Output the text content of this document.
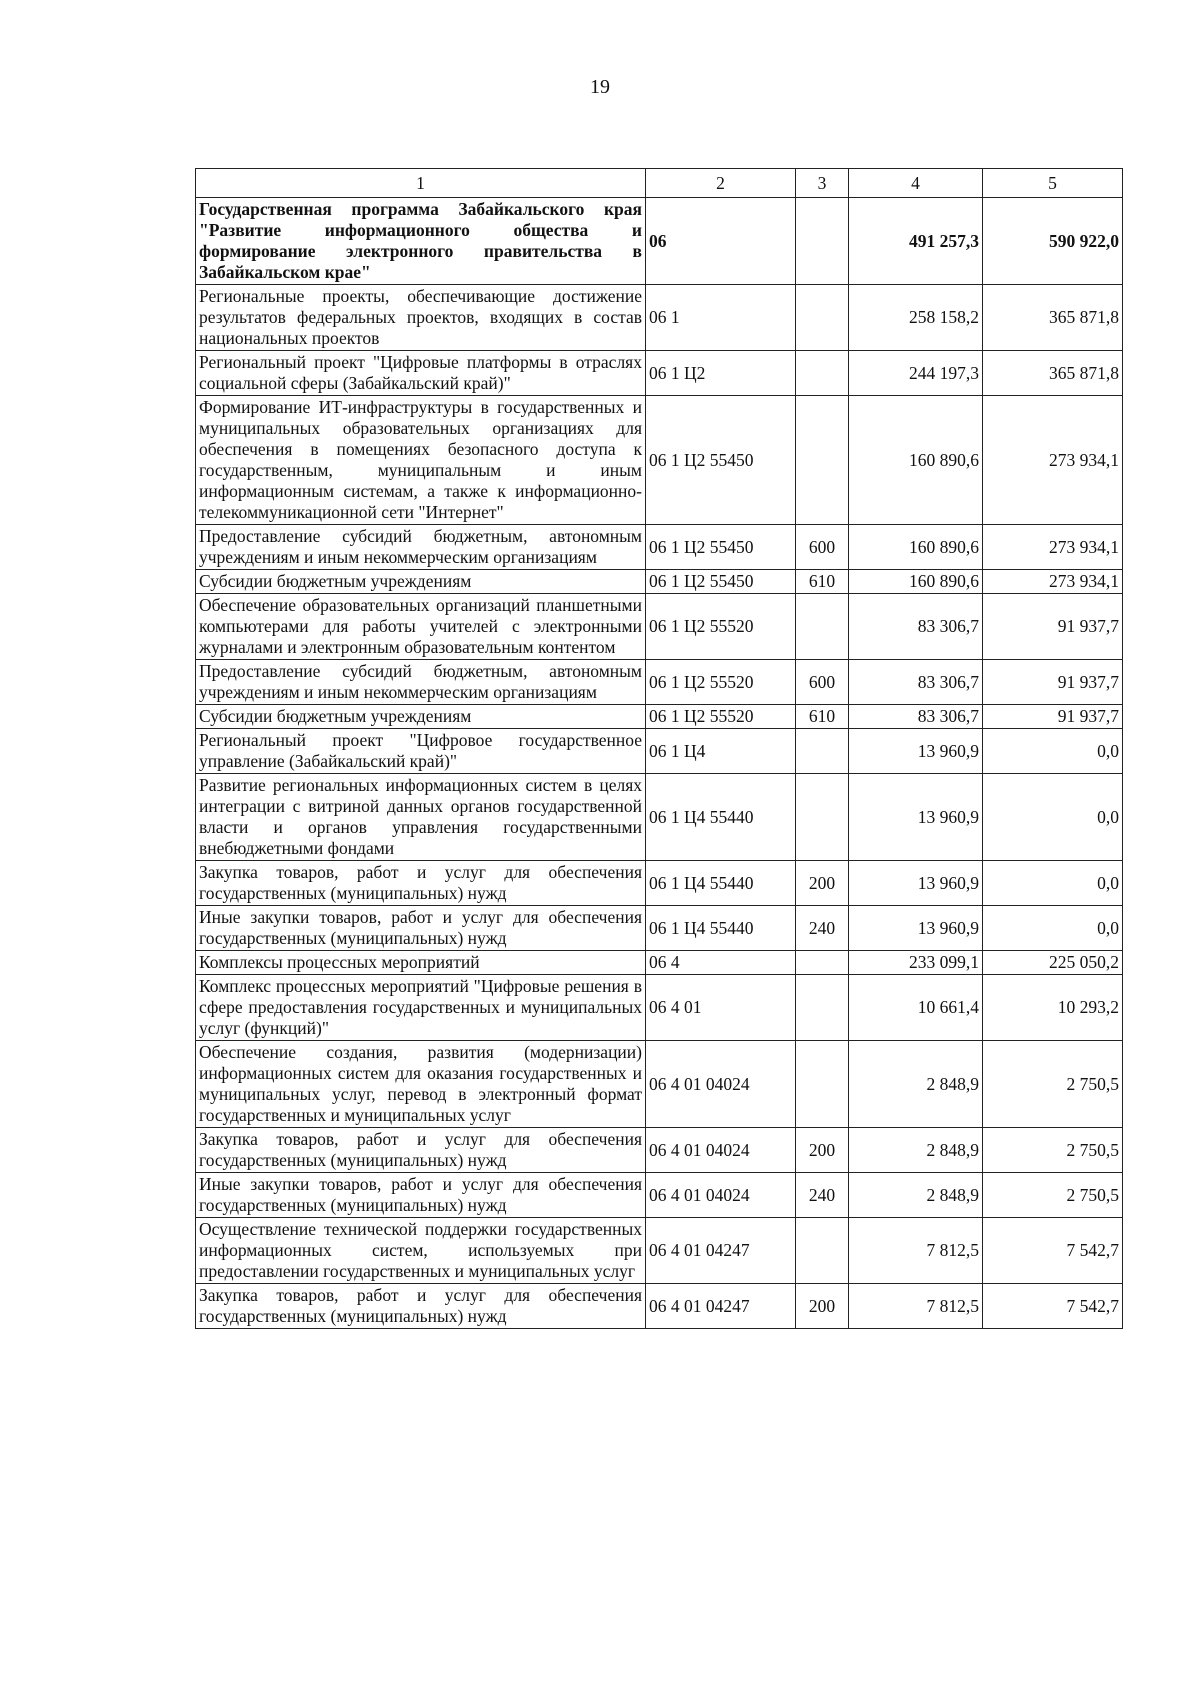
19
1	2	3	4	5
Государственная программа Забайкальского края "Развитие информационного общества и формирование электронного правительства в Забайкальском крае"	06		491 257,3	590 922,0
Региональные проекты, обеспечивающие достижение результатов федеральных проектов, входящих в состав национальных проектов	06 1		258 158,2	365 871,8
Региональный проект "Цифровые платформы в отраслях социальной сферы (Забайкальский край)"	06 1 Ц2		244 197,3	365 871,8
Формирование ИТ-инфраструктуры в государственных и муниципальных образовательных организациях для обеспечения в помещениях безопасного доступа к государственным, муниципальным и иным информационным системам, а также к информационно-телекоммуникационной сети "Интернет"	06 1 Ц2 55450		160 890,6	273 934,1
Предоставление субсидий бюджетным, автономным учреждениям и иным некоммерческим организациям	06 1 Ц2 55450	600	160 890,6	273 934,1
Субсидии бюджетным учреждениям	06 1 Ц2 55450	610	160 890,6	273 934,1
Обеспечение образовательных организаций планшетными компьютерами для работы учителей с электронными журналами и электронным образовательным контентом	06 1 Ц2 55520		83 306,7	91 937,7
Предоставление субсидий бюджетным, автономным учреждениям и иным некоммерческим организациям	06 1 Ц2 55520	600	83 306,7	91 937,7
Субсидии бюджетным учреждениям	06 1 Ц2 55520	610	83 306,7	91 937,7
Региональный проект "Цифровое государственное управление (Забайкальский край)"	06 1 Ц4		13 960,9	0,0
Развитие региональных информационных систем в целях интеграции с витриной данных органов государственной власти и органов управления государственными внебюджетными фондами	06 1 Ц4 55440		13 960,9	0,0
Закупка товаров, работ и услуг для обеспечения государственных (муниципальных) нужд	06 1 Ц4 55440	200	13 960,9	0,0
Иные закупки товаров, работ и услуг для обеспечения государственных (муниципальных) нужд	06 1 Ц4 55440	240	13 960,9	0,0
Комплексы процессных мероприятий	06 4		233 099,1	225 050,2
Комплекс процессных мероприятий "Цифровые решения в сфере предоставления государственных и муниципальных услуг (функций)"	06 4 01		10 661,4	10 293,2
Обеспечение создания, развития (модернизации) информационных систем для оказания государственных и муниципальных услуг, перевод в электронный формат государственных и муниципальных услуг	06 4 01 04024		2 848,9	2 750,5
Закупка товаров, работ и услуг для обеспечения государственных (муниципальных) нужд	06 4 01 04024	200	2 848,9	2 750,5
Иные закупки товаров, работ и услуг для обеспечения государственных (муниципальных) нужд	06 4 01 04024	240	2 848,9	2 750,5
Осуществление технической поддержки государственных информационных систем, используемых при предоставлении государственных и муниципальных услуг	06 4 01 04247		7 812,5	7 542,7
Закупка товаров, работ и услуг для обеспечения государственных (муниципальных) нужд	06 4 01 04247	200	7 812,5	7 542,7
